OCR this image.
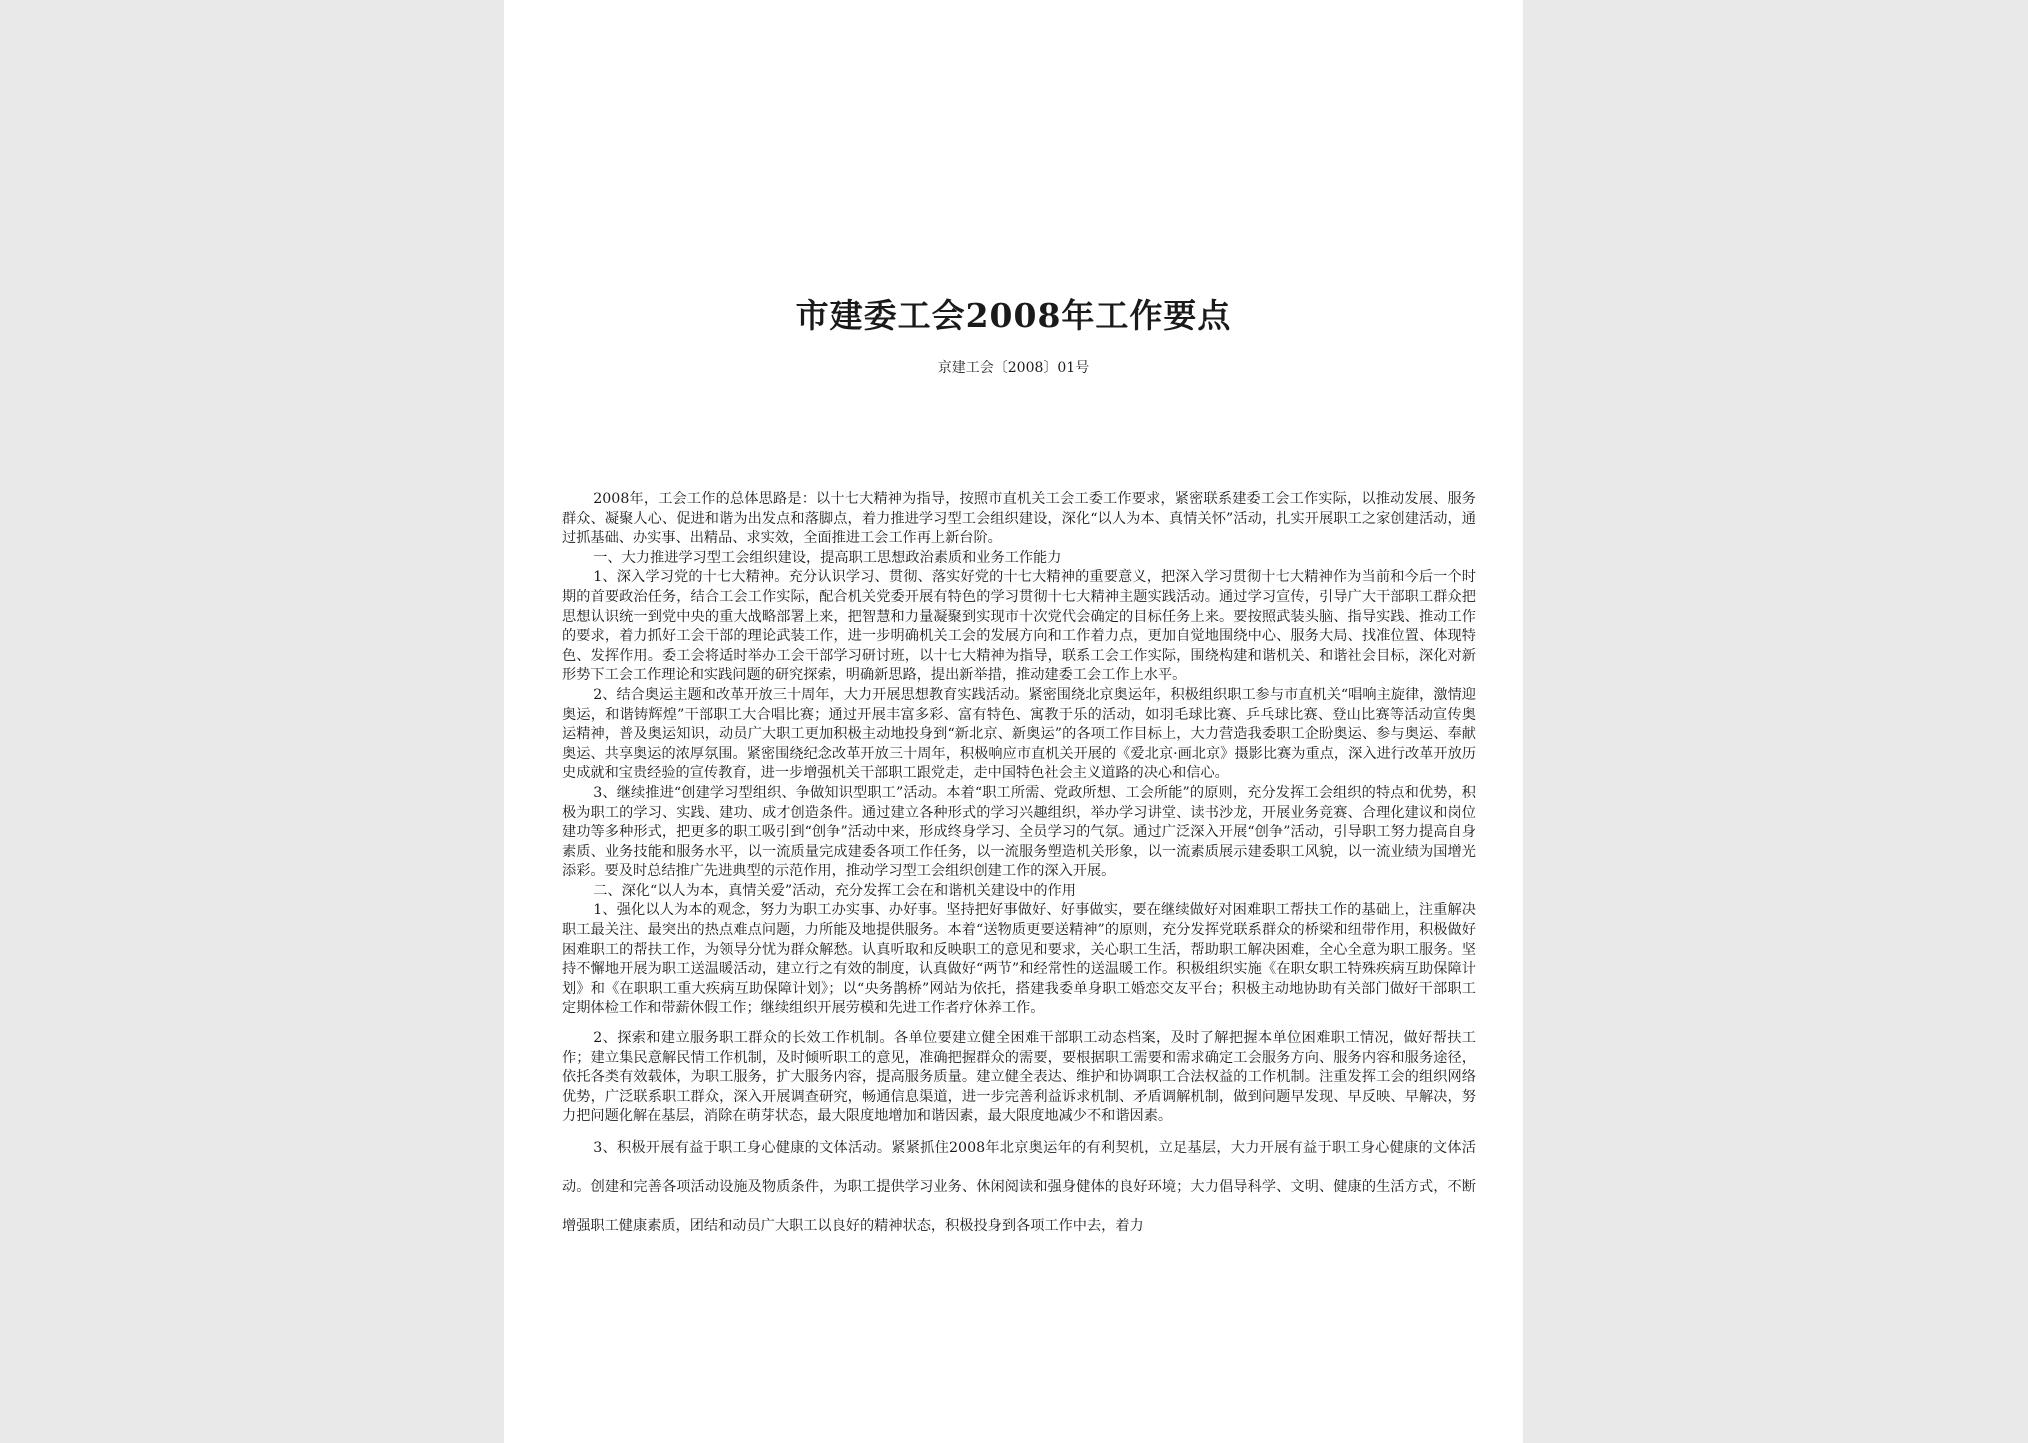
市建委工会2008年工作要点
京建工会〔2008〕01号

2008年，工会工作的总体思路是：以十七大精神为指导，按照市直机关工会工委工作要求，紧密联系建委工会工作实际，以推动发展、服务群众、凝聚人心、促进和谐为出发点和落脚点，着力推进学习型工会组织建设，深化“以人为本、真情关怀”活动，扎实开展职工之家创建活动，通过抓基础、办实事、出精品、求实效，全面推进工会工作再上新台阶。

一、大力推进学习型工会组织建设，提高职工思想政治素质和业务工作能力

1、深入学习党的十七大精神。充分认识学习、贯彻、落实好党的十七大精神的重要意义，把深入学习贯彻十七大精神作为当前和今后一个时期的首要政治任务，结合工会工作实际，配合机关党委开展有特色的学习贯彻十七大精神主题实践活动。通过学习宣传，引导广大干部职工群众把思想认识统一到党中央的重大战略部署上来，把智慧和力量凝聚到实现市十次党代会确定的目标任务上来。要按照武装头脑、指导实践、推动工作的要求，着力抓好工会干部的理论武装工作，进一步明确机关工会的发展方向和工作着力点，更加自觉地围绕中心、服务大局、找准位置、体现特色、发挥作用。委工会将适时举办工会干部学习研讨班，以十七大精神为指导，联系工会工作实际，围绕构建和谐机关、和谐社会目标，深化对新形势下工会工作理论和实践问题的研究探索，明确新思路，提出新举措，推动建委工会工作上水平。

2、结合奥运主题和改革开放三十周年，大力开展思想教育实践活动。紧密围绕北京奥运年，积极组织职工参与市直机关“唱响主旋律，激情迎奥运，和谐铸辉煌”干部职工大合唱比赛；通过开展丰富多彩、富有特色、寓教于乐的活动，如羽毛球比赛、乒乓球比赛、登山比赛等活动宣传奥运精神，普及奥运知识，动员广大职工更加积极主动地投身到“新北京、新奥运”的各项工作目标上，大力营造我委职工企盼奥运、参与奥运、奉献奥运、共享奥运的浓厚氛围。紧密围绕纪念改革开放三十周年，积极响应市直机关开展的《爱北京·画北京》摄影比赛为重点，深入进行改革开放历史成就和宝贵经验的宣传教育，进一步增强机关干部职工跟党走，走中国特色社会主义道路的决心和信心。

3、继续推进“创建学习型组织、争做知识型职工”活动。本着“职工所需、党政所想、工会所能”的原则，充分发挥工会组织的特点和优势，积极为职工的学习、实践、建功、成才创造条件。通过建立各种形式的学习兴趣组织，举办学习讲堂、读书沙龙，开展业务竞赛、合理化建议和岗位建功等多种形式，把更多的职工吸引到“创争”活动中来，形成终身学习、全员学习的气氛。通过广泛深入开展“创争”活动，引导职工努力提高自身素质、业务技能和服务水平，以一流质量完成建委各项工作任务，以一流服务塑造机关形象，以一流素质展示建委职工风貌，以一流业绩为国增光添彩。要及时总结推广先进典型的示范作用，推动学习型工会组织创建工作的深入开展。

二、深化“以人为本，真情关爱”活动，充分发挥工会在和谐机关建设中的作用

1、强化以人为本的观念，努力为职工办实事、办好事。坚持把好事做好、好事做实，要在继续做好对困难职工帮扶工作的基础上，注重解决职工最关注、最突出的热点难点问题，力所能及地提供服务。本着“送物质更要送精神”的原则，充分发挥党联系群众的桥梁和纽带作用，积极做好困难职工的帮扶工作，为领导分忧为群众解愁。认真听取和反映职工的意见和要求，关心职工生活，帮助职工解决困难，全心全意为职工服务。坚持不懈地开展为职工送温暖活动，建立行之有效的制度，认真做好“两节”和经常性的送温暖工作。积极组织实施《在职女职工特殊疾病互助保障计划》和《在职职工重大疾病互助保障计划》；以“央务鹊桥”网站为依托，搭建我委单身职工婚恋交友平台；积极主动地协助有关部门做好干部职工定期体检工作和带薪休假工作；继续组织开展劳模和先进工作者疗休养工作。

2、探索和建立服务职工群众的长效工作机制。各单位要建立健全困难干部职工动态档案，及时了解把握本单位困难职工情况，做好帮扶工作；建立集民意解民情工作机制，及时倾听职工的意见，准确把握群众的需要，要根据职工需要和需求确定工会服务方向、服务内容和服务途径，依托各类有效载体，为职工服务，扩大服务内容，提高服务质量。建立健全表达、维护和协调职工合法权益的工作机制。注重发挥工会的组织网络优势，广泛联系职工群众，深入开展调查研究，畅通信息渠道，进一步完善利益诉求机制、矛盾调解机制，做到问题早发现、早反映、早解决，努力把问题化解在基层，消除在萌芽状态，最大限度地增加和谐因素，最大限度地减少不和谐因素。

3、积极开展有益于职工身心健康的文体活动。紧紧抓住2008年北京奥运年的有利契机，立足基层，大力开展有益于职工身心健康的文体活动。创建和完善各项活动设施及物质条件，为职工提供学习业务、休闲阅读和强身健体的良好环境；大力倡导科学、文明、健康的生活方式，不断增强职工健康素质，团结和动员广大职工以良好的精神状态，积极投身到各项工作中去，着力
